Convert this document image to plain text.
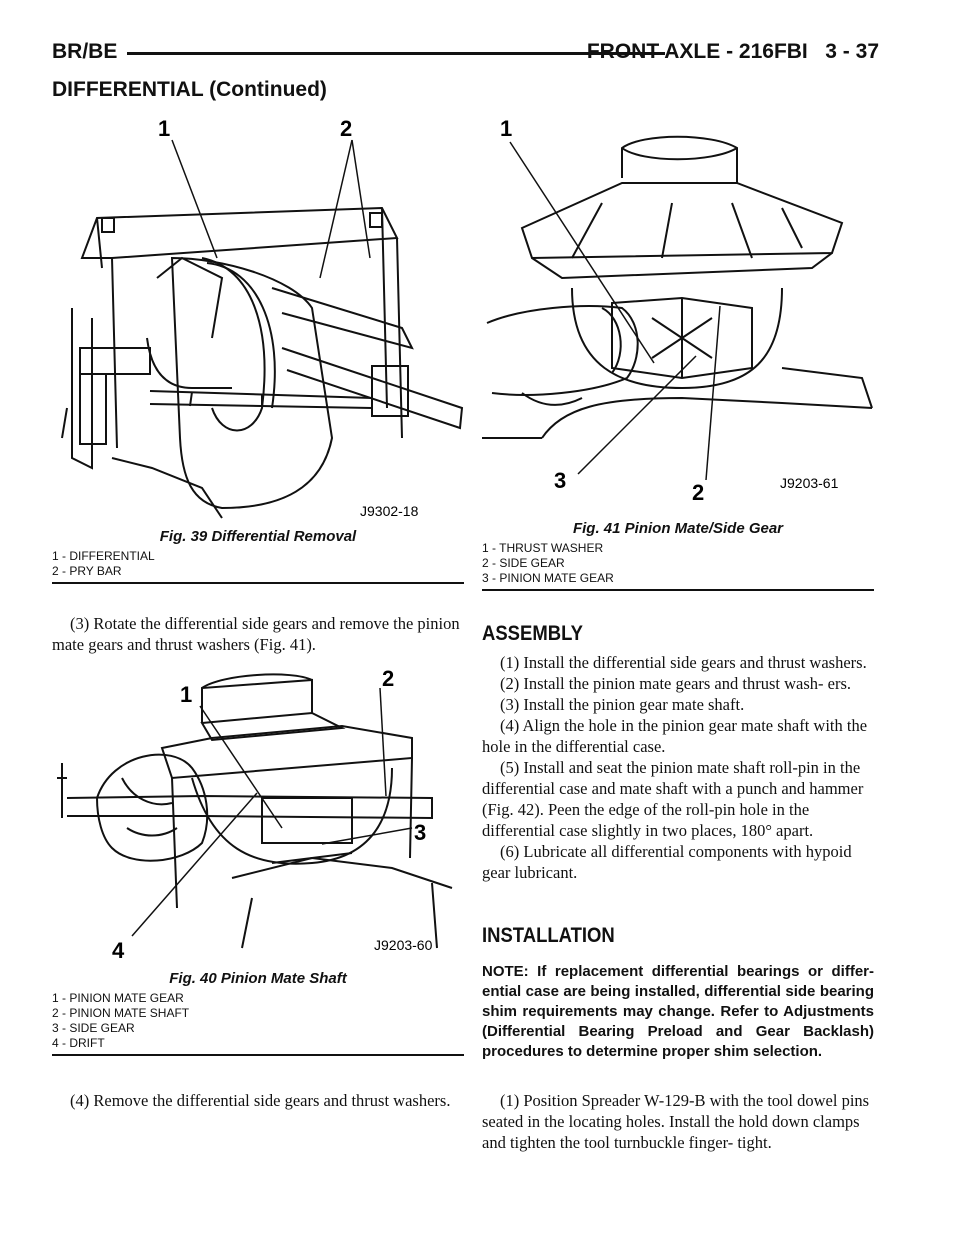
BR/BE	FRONT AXLE - 216FBI 3 - 37
DIFFERENTIAL (Continued)
1	2
J9302-18
Fig. 39 Differential Removal
1 - DIFFERENTIAL
2 - PRY BAR

(3) Rotate the differential side gears and remove the pinion mate gears and thrust washers (Fig. 41).

1
2
3
4	J9203-60
Fig. 40 Pinion Mate Shaft
1 - PINION MATE GEAR
2 - PINION MATE SHAFT
3 - SIDE GEAR
4 - DRIFT

(4) Remove the differential side gears and thrust washers.

1
2
3	J9203-61
Fig. 41 Pinion Mate/Side Gear
1 - THRUST WASHER
2 - SIDE GEAR
3 - PINION MATE GEAR
ASSEMBLY

(1) Install the differential side gears and thrust washers.

(2) Install the pinion mate gears and thrust wash- ers.

(3) Install the pinion gear mate shaft.

(4) Align the hole in the pinion gear mate shaft with the hole in the differential case.

(5) Install and seat the pinion mate shaft roll-pin in the differential case and mate shaft with a punch and hammer (Fig. 42). Peen the edge of the roll-pin hole in the differential case slightly in two places, 180° apart.

(6) Lubricate all differential components with hypoid gear lubricant.

INSTALLATION
NOTE: If replacement differential bearings or differ- ential case are being installed, differential side bearing shim requirements may change. Refer to Adjustments (Differential Bearing Preload and Gear Backlash) procedures to determine proper shim selection.

(1) Position Spreader W-129-B with the tool dowel pins seated in the locating holes. Install the hold down clamps and tighten the tool turnbuckle finger- tight.
